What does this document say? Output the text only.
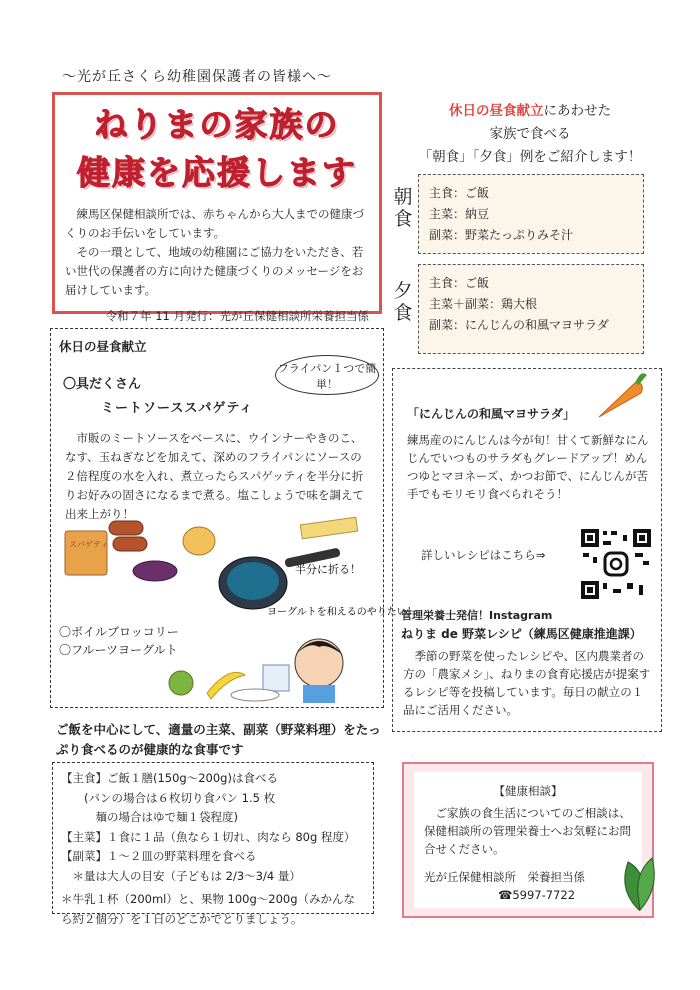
〜光が丘さくら幼稚園保護者の皆様へ〜
ねりまの家族の
健康を応援します
練馬区保健相談所では、赤ちゃんから大人までの健康づくりのお手伝いをしています。
その一環として、地域の幼稚園にご協力をいただき、若い世代の保護者の方に向けた健康づくりのメッセージをお届けしています。
令和７年 11 月発行：光が丘保健相談所栄養担当係
休日の昼食献立にあわせた
家族で食べる
「朝食」「夕食」例をご紹介します！
朝食
主食：ご飯
主菜：納豆
副菜：野菜たっぷりみそ汁
夕食
主食：ご飯
主菜＋副菜：鶏大根
副菜：にんじんの和風マヨサラダ
休日の昼食献立
フライパン１つで簡単！
〇具だくさん
ミートソーススパゲティ
市販のミートソースをベースに、ウインナーやきのこ、なす、玉ねぎなどを加えて、深めのフライパンにソースの２倍程度の水を入れ、煮立ったらスパゲッティを半分に折りお好みの固さになるまで煮る。塩こしょうで味を調えて出来上がり！
スパゲティ
半分に折る！
ヨーグルトを和えるのやりたい！
〇ボイルブロッコリー
〇フルーツヨーグルト
「にんじんの和風マヨサラダ」
練馬産のにんじんは今が旬！甘くて新鮮なにんじんでいつものサラダもグレードアップ！めんつゆとマヨネーズ、かつお節で、にんじんが苦手でもモリモリ食べられそう！
詳しいレシピはこちら⇒
管理栄養士発信！Instagram
ねりま de 野菜レシピ（練馬区健康推進課）
季節の野菜を使ったレシピや、区内農業者の方の「農家メシ」、ねりまの食育応援店が提案するレシピ等を投稿しています。毎日の献立の１品にご活用ください。
ご飯を中心にして、適量の主菜、副菜（野菜料理）をたっぷり食べるのが健康的な食事です
【主食】ご飯１膳(150g〜200g)は食べる
　　(パンの場合は６枚切り食パン 1.5 枚
　　　麺の場合はゆで麺１袋程度)
【主菜】１食に１品（魚なら１切れ、肉なら 80g 程度）
【副菜】１〜２皿の野菜料理を食べる
　＊量は大人の目安（子どもは 2/3〜3/4 量）
＊牛乳１杯（200ml）と、果物 100g〜200g（みかんなら約２個分）を１日のどこかでとりましょう。
【健康相談】
ご家族の食生活についてのご相談は、保健相談所の管理栄養士へお気軽にお問合せください。
光が丘保健相談所　栄養担当係
☎5997-7722
